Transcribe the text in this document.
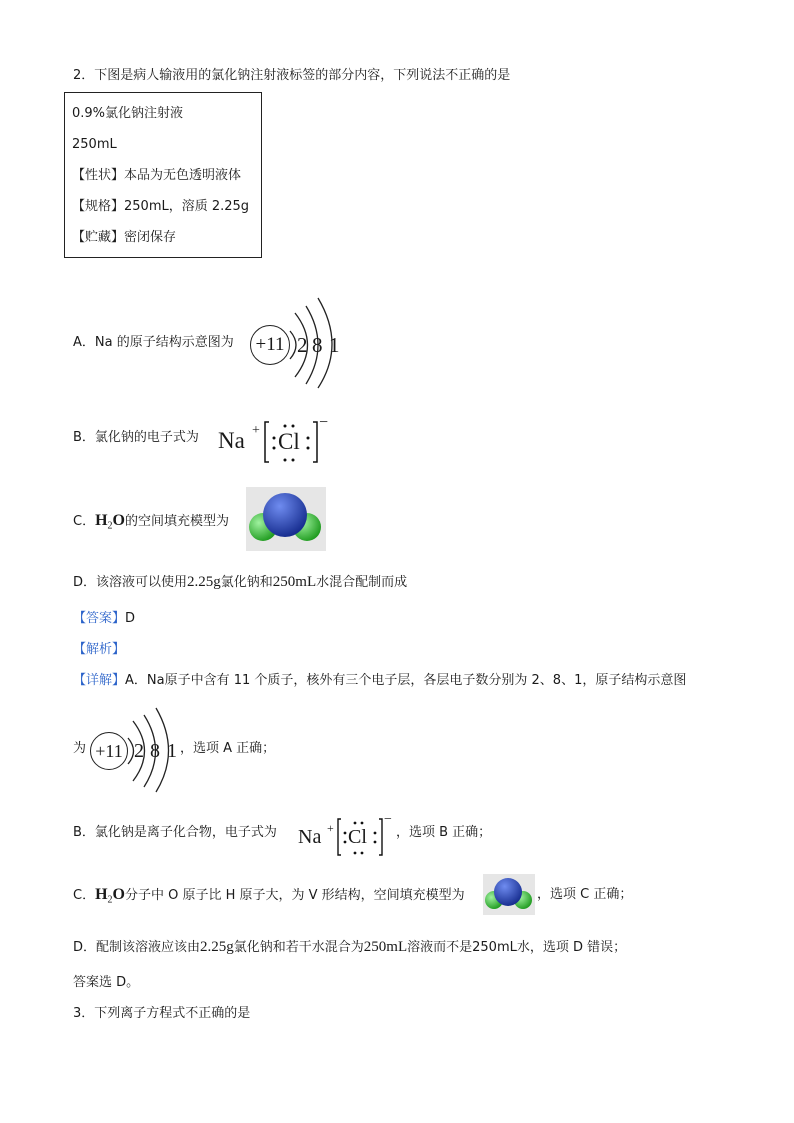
2．下图是病人输液用的氯化钠注射液标签的部分内容，下列说法不正确的是
0.9%氯化钠注射液
250mL
【性状】本品为无色透明液体
【规格】250mL，溶质 2.25g
【贮藏】密闭保存
A．Na 的原子结构示意图为 +11 2 8 1
B．氯化钠的电子式为 Na + Cl
−
C．$H_2O$的空间填充模型为
D．该溶液可以使用2.25g氯化钠和250mL水混合配制而成
【答案】D
【解析】
【详解】A．Na原子中含有 11 个质子，核外有三个电子层，各层电子数分别为 2、8、1，原子结构示意图
为 +11 2 8 1 ，选项 A 正确；
B．氯化钠是离子化合物，电子式为 Na + Cl
−
，选项 B 正确；
C．$H_2O$分子中 O 原子比 H 原子大，为 V 形结构，空间填充模型为	，选项 C 正确；
D．配制该溶液应该由2.25g氯化钠和若干水混合为250mL溶液而不是250mL水，选项 D 错误；
答案选 D。
3．下列离子方程式不正确的是
